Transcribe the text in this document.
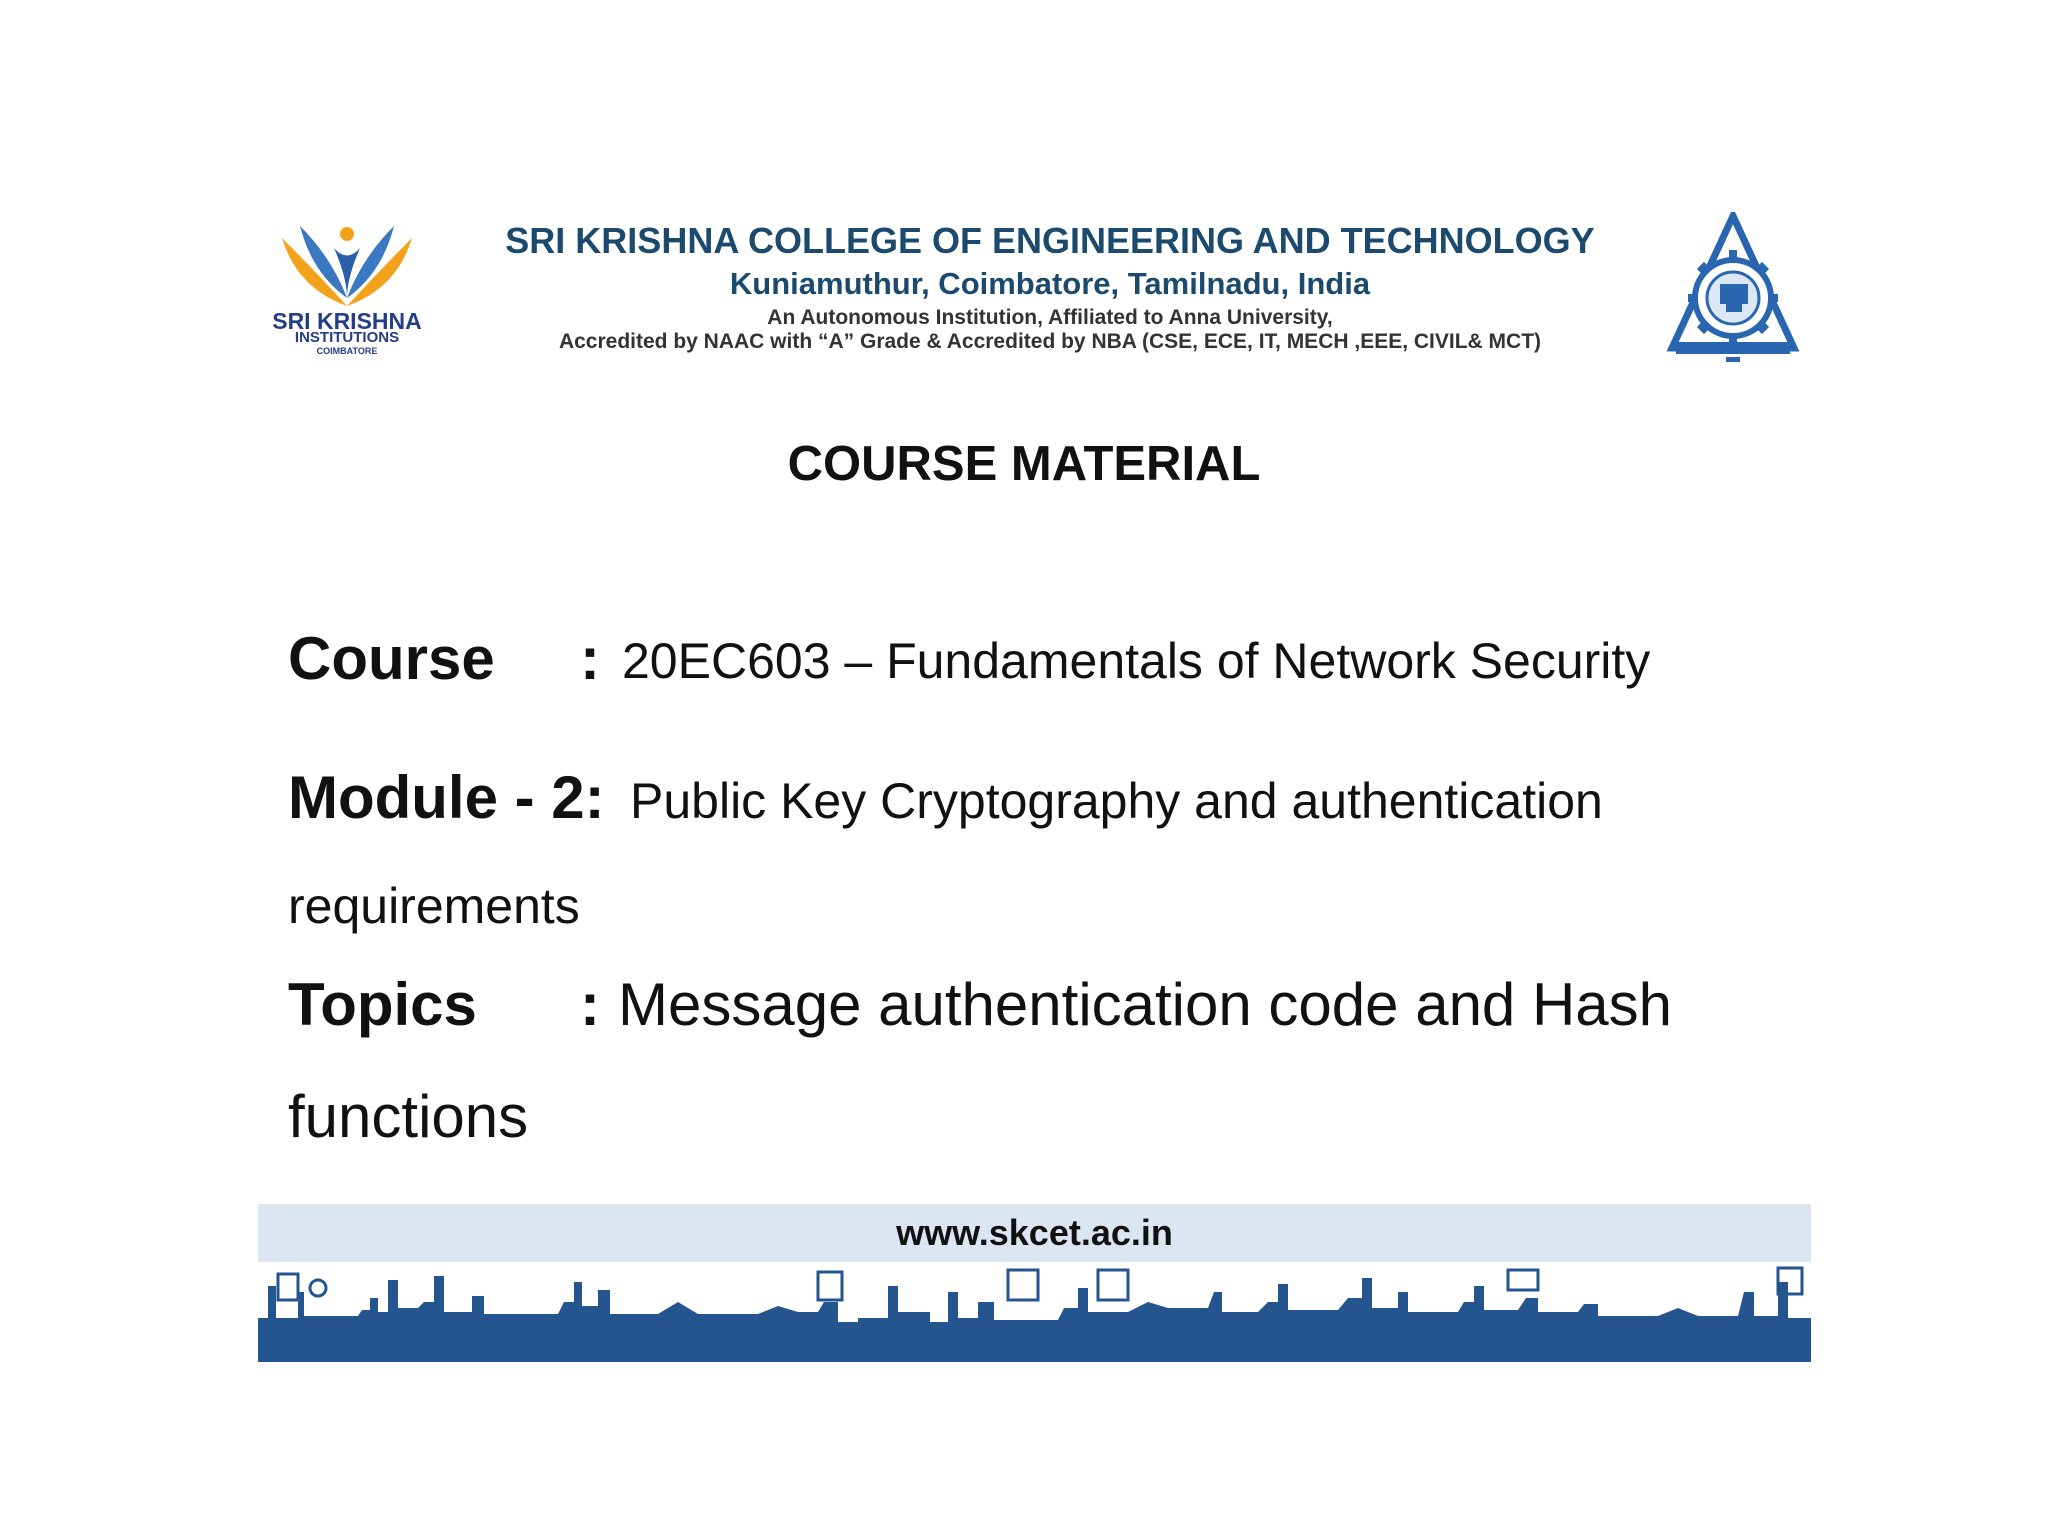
SRI KRISHNA
INSTITUTIONS
COIMBATORE
SRI KRISHNA COLLEGE OF ENGINEERING AND TECHNOLOGY
Kuniamuthur, Coimbatore, Tamilnadu, India
An Autonomous Institution, Affiliated to Anna University,
Accredited by NAAC with “A” Grade & Accredited by NBA (CSE, ECE, IT, MECH ,EEE, CIVIL& MCT)
COURSE MATERIAL
Course : 20EC603 – Fundamentals of Network Security
Module - 2: Public Key Cryptography and authentication
requirements
Topics : Message authentication code and Hash
functions
www.skcet.ac.in
